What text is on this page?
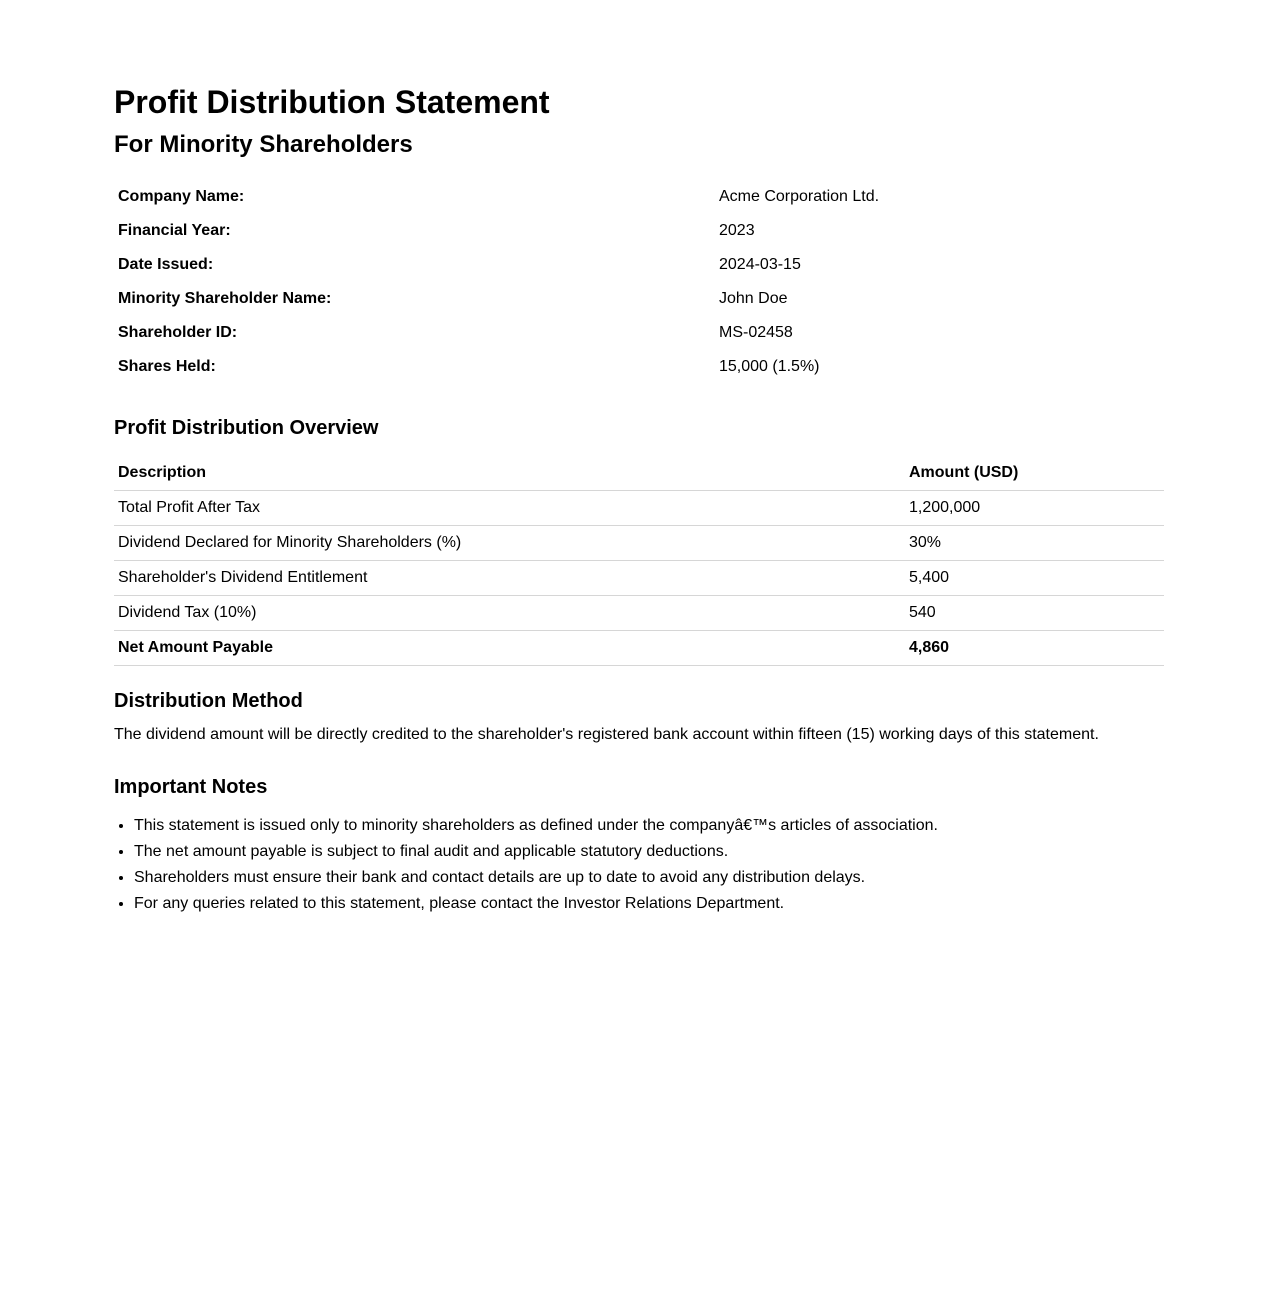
Profit Distribution Statement
For Minority Shareholders
Company Name:	Acme Corporation Ltd.
Financial Year:	2023
Date Issued:	2024-03-15
Minority Shareholder Name:	John Doe
Shareholder ID:	MS-02458
Shares Held:	15,000 (1.5%)
Profit Distribution Overview
Description	Amount (USD)
Total Profit After Tax	1,200,000
Dividend Declared for Minority Shareholders (%)	30%
Shareholder's Dividend Entitlement	5,400
Dividend Tax (10%)	540
Net Amount Payable	4,860
Distribution Method

The dividend amount will be directly credited to the shareholder's registered bank account within fifteen (15) working days of this statement.

Important Notes
• This statement is issued only to minority shareholders as defined under the companyâ€™s articles of association.
• The net amount payable is subject to final audit and applicable statutory deductions.
• Shareholders must ensure their bank and contact details are up to date to avoid any distribution delays.
• For any queries related to this statement, please contact the Investor Relations Department.
